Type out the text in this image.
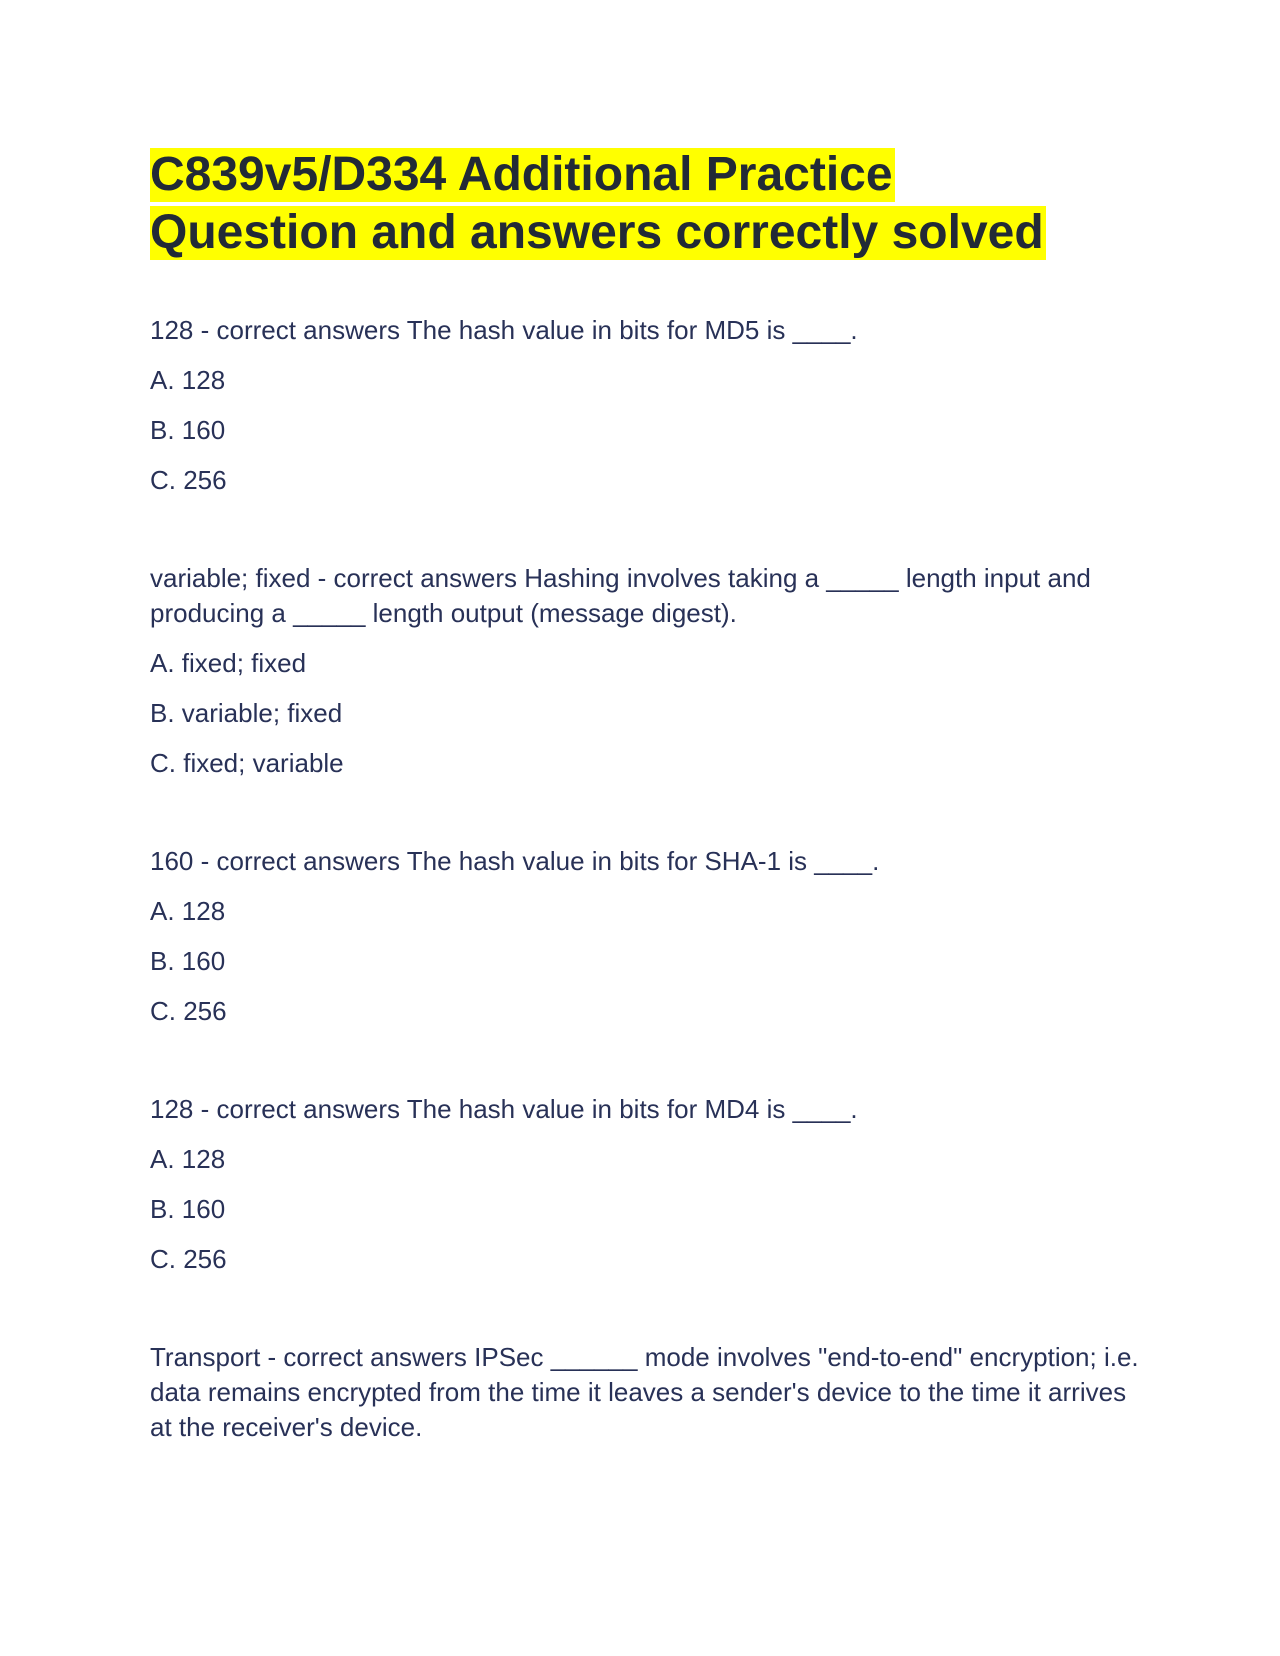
C839v5/D334 Additional Practice
Question and answers correctly solved

128 - correct answers The hash value in bits for MD5 is ____.

A. 128

B. 160

C. 256

variable; fixed - correct answers Hashing involves taking a _____ length input and producing a _____ length output (message digest).

A. fixed; fixed

B. variable; fixed

C. fixed; variable

160 - correct answers The hash value in bits for SHA-1 is ____.

A. 128

B. 160

C. 256

128 - correct answers The hash value in bits for MD4 is ____.

A. 128

B. 160

C. 256

Transport - correct answers IPSec ______ mode involves "end-to-end" encryption; i.e. data remains encrypted from the time it leaves a sender's device to the time it arrives at the receiver's device.
